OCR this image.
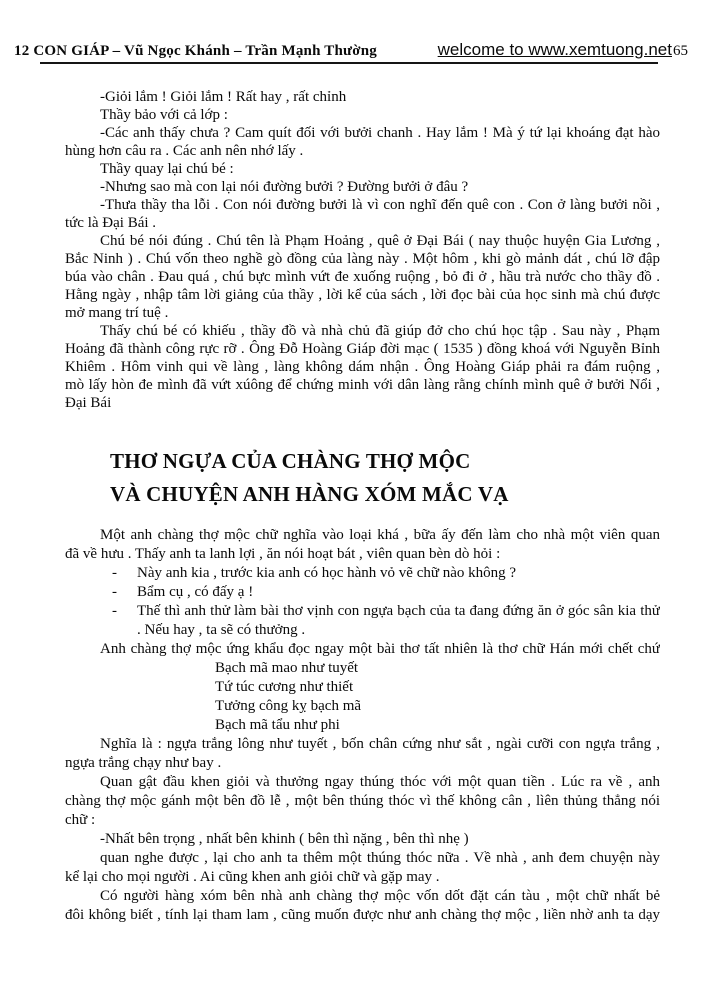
12 CON GIÁP – Vũ Ngọc Khánh – Trần Mạnh Thường	welcome to www.xemtuong.net 65
-Giỏi lắm ! Giỏi lắm ! Rất hay , rất chỉnh
Thầy bảo với cả lớp :
-Các anh thấy chưa ? Cam quít đối với bưởi chanh . Hay lắm ! Mà ý tứ lại khoáng đạt hào
hùng hơn câu ra . Các anh nên nhớ lấy .
Thầy quay lại chú bé :
-Nhưng sao mà con lại nói đường bưởi ? Đường bưởi ở đâu ?
-Thưa thầy tha lỗi . Con nói đường bưởi là vì con nghĩ đến quê con . Con ở làng bưởi nồi ,
tức là Đại Bái .
Chú bé nói đúng . Chú tên là Phạm Hoảng , quê ở Đại Bái ( nay thuộc huyện Gia Lương ,
Bắc Ninh ) . Chú vốn theo nghề gò đồng của làng này . Một hôm , khi gò mảnh dát , chú lỡ đập
búa vào chân . Đau quá , chú bực mình vứt đe xuống ruộng , bỏ đi ở , hầu trà nước cho thầy đồ .
Hằng ngày , nhập tâm lời giảng của thầy , lời kể của sách , lời đọc bài của học sinh mà chú được
mở mang trí tuệ .
Thấy chú bé có khiếu , thầy đồ và nhà chủ đã giúp đở cho chú học tập . Sau này , Phạm
Hoảng đã thành công rực rỡ . Ông Đỗ Hoàng Giáp đời mạc ( 1535 ) đồng khoá với Nguyễn Bỉnh
Khiêm . Hôm vinh qui về làng , làng không dám nhận . Ông Hoàng Giáp phải ra đám ruộng ,
mò lấy hòn đe mình đã vứt xúông để chứng minh với dân làng rằng chính mình quê ở bưởi Nổi ,
Đại Bái
THƠ NGỰA CỦA CHÀNG THỢ MỘC
VÀ CHUYỆN ANH HÀNG XÓM MẮC VẠ
Một anh chàng thợ mộc chữ nghĩa vào loại khá , bữa ấy đến làm cho nhà một viên quan
đã về hưu . Thấy anh ta lanh lợi , ăn nói hoạt bát , viên quan bèn dò hỏi :
- Này anh kia , trước kia anh có học hành vỏ vẽ chữ nào không ?
- Bẩm cụ , có đấy ạ !
- Thế thì anh thử làm bài thơ vịnh con ngựa bạch của ta đang đứng ăn ở góc sân kia thử
. Nếu hay , ta sẽ có thưởng .
Anh chàng thợ mộc ứng khẩu đọc ngay một bài thơ tất nhiên là thơ chữ Hán mới chết chứ
Bạch mã mao như tuyết
Tứ túc cương như thiết
Tưởng công kỵ bạch mã
Bạch mã tẩu như phi
Nghĩa là : ngựa trắng lông như tuyết , bốn chân cứng như sắt , ngài cưỡi con ngựa trắng ,
ngựa trắng chạy như bay .
Quan gật đầu khen giỏi và thưởng ngay thúng thóc với một quan tiền . Lúc ra về , anh
chàng thợ mộc gánh một bên đồ lễ , một bên thúng thóc vì thế không cân , lìên thủng thẳng nói
chữ :
-Nhất bên trọng , nhất bên khinh ( bên thì nặng , bên thì nhẹ )
quan nghe được , lại cho anh ta thêm một thúng thóc nữa . Về nhà , anh đem chuyện này
kể lại cho mọi người . Ai cũng khen anh giỏi chữ và gặp may .
Có người hàng xóm bên nhà anh chàng thợ mộc vốn dốt đặt cán tàu , một chữ nhất bẻ
đôi không biết , tính lại tham lam , cũng muốn được như anh chàng thợ mộc , liền nhờ anh ta dạy
